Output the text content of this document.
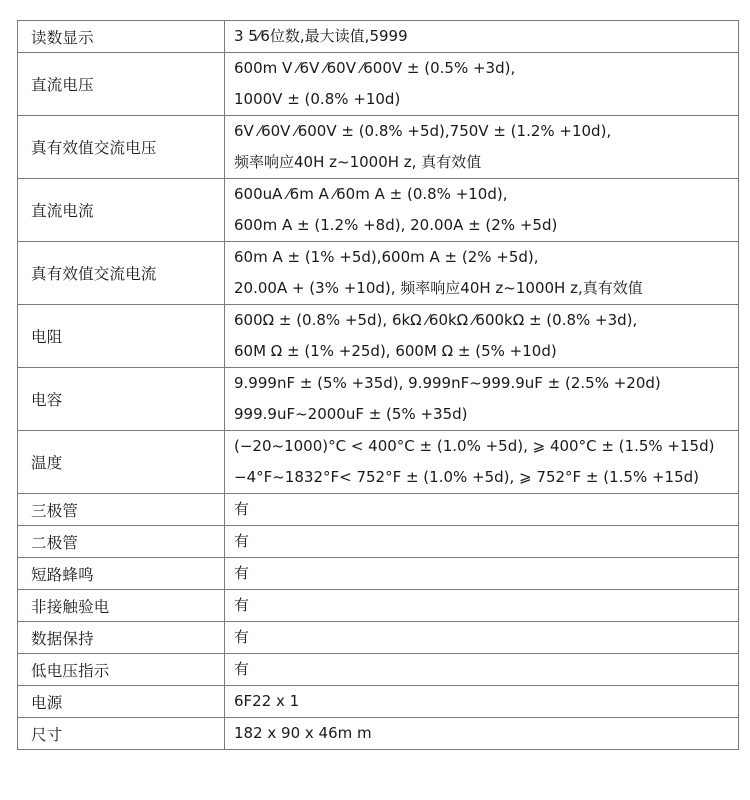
读数显示	3 5⁄6位数,最大读值,5999

直流电压	600m V ⁄6V ⁄60V ⁄600V ± (0.5% +3d),
1000V ± (0.8% +10d)

真有效值交流电压	6V ⁄60V ⁄600V ± (0.8% +5d),750V ± (1.2% +10d),
频率响应40H z~1000H z, 真有效值

直流电流	600uA ⁄6m A ⁄60m A ± (0.8% +10d),
600m A ± (1.2% +8d), 20.00A ± (2% +5d)

真有效值交流电流	60m A ± (1% +5d),600m A ± (2% +5d),
20.00A + (3% +10d), 频率响应40H z~1000H z,真有效值

电阻	600Ω ± (0.8% +5d), 6kΩ ⁄60kΩ ⁄600kΩ ± (0.8% +3d),
60M Ω ± (1% +25d), 600M Ω ± (5% +10d)

电容	9.999nF ± (5% +35d), 9.999nF~999.9uF ± (2.5% +20d)
999.9uF~2000uF ± (5% +35d)

温度	(−20~1000)°C < 400°C ± (1.0% +5d), ⩾ 400°C ± (1.5% +15d)
−4°F~1832°F< 752°F ± (1.0% +5d), ⩾ 752°F ± (1.5% +15d)

三极管	有

二极管	有

短路蜂鸣	有

非接触验电	有

数据保持	有

低电压指示	有

电源	6F22 x 1

尺寸	182 x 90 x 46m m
